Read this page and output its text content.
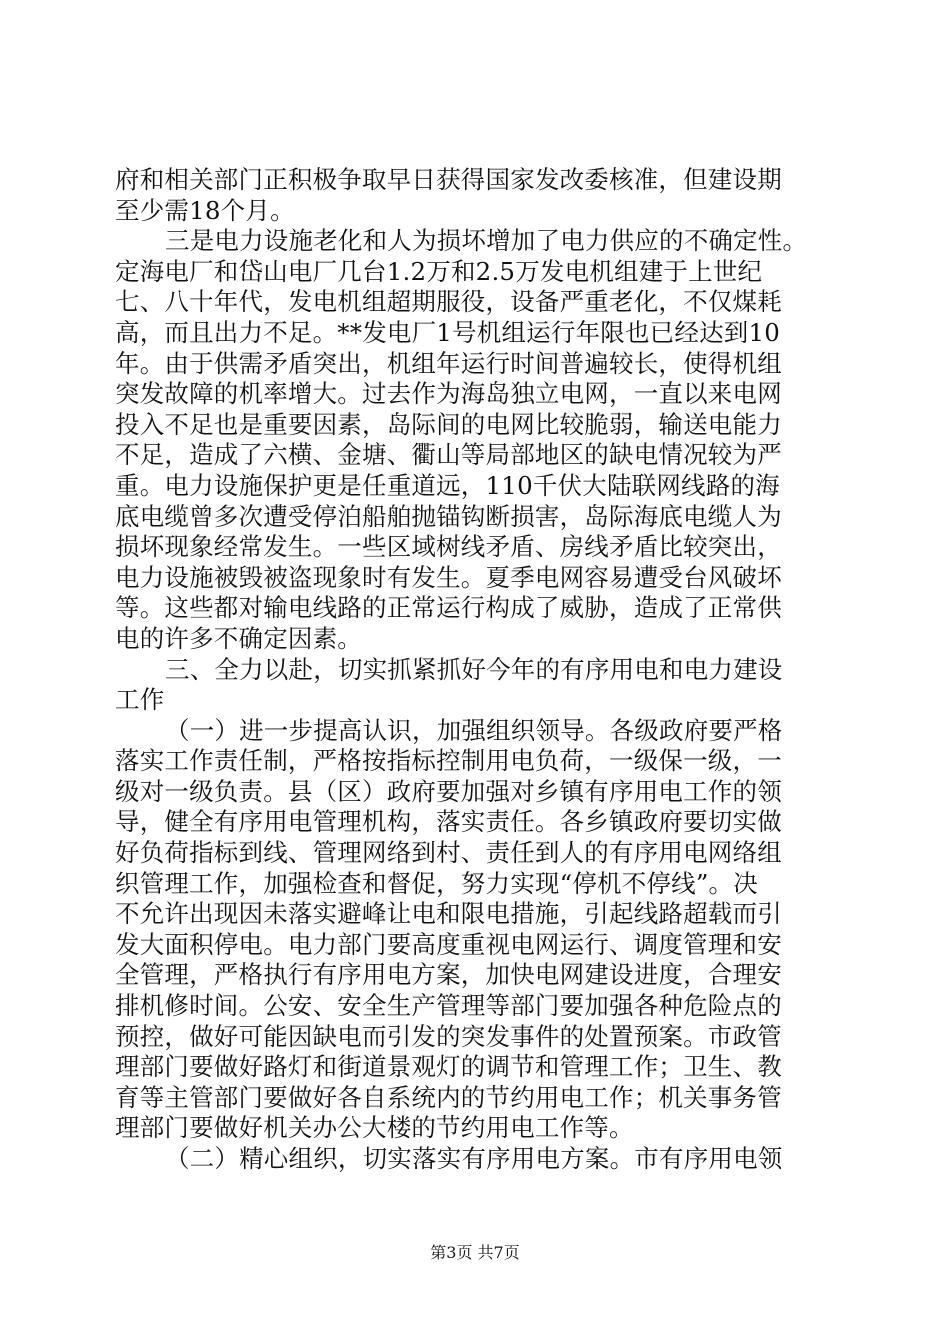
府和相关部门正积极争取早日获得国家发改委核准，但建设期
至少需18个月。
三是电力设施老化和人为损坏增加了电力供应的不确定性。
定海电厂和岱山电厂几台1.2万和2.5万发电机组建于上世纪
七、八十年代，发电机组超期服役，设备严重老化，不仅煤耗
高，而且出力不足。**发电厂1号机组运行年限也已经达到10
年。由于供需矛盾突出，机组年运行时间普遍较长，使得机组
突发故障的机率增大。过去作为海岛独立电网，一直以来电网
投入不足也是重要因素，岛际间的电网比较脆弱，输送电能力
不足，造成了六横、金塘、衢山等局部地区的缺电情况较为严
重。电力设施保护更是任重道远，110千伏大陆联网线路的海
底电缆曾多次遭受停泊船舶抛锚钩断损害，岛际海底电缆人为
损坏现象经常发生。一些区域树线矛盾、房线矛盾比较突出，
电力设施被毁被盗现象时有发生。夏季电网容易遭受台风破坏
等。这些都对输电线路的正常运行构成了威胁，造成了正常供
电的许多不确定因素。
三、全力以赴，切实抓紧抓好今年的有序用电和电力建设
工作
（一）进一步提高认识，加强组织领导。各级政府要严格
落实工作责任制，严格按指标控制用电负荷，一级保一级，一
级对一级负责。县（区）政府要加强对乡镇有序用电工作的领
导，健全有序用电管理机构，落实责任。各乡镇政府要切实做
好负荷指标到线、管理网络到村、责任到人的有序用电网络组
织管理工作，加强检查和督促，努力实现“停机不停线”。决
不允许出现因未落实避峰让电和限电措施，引起线路超载而引
发大面积停电。电力部门要高度重视电网运行、调度管理和安
全管理，严格执行有序用电方案，加快电网建设进度，合理安
排机修时间。公安、安全生产管理等部门要加强各种危险点的
预控，做好可能因缺电而引发的突发事件的处置预案。市政管
理部门要做好路灯和街道景观灯的调节和管理工作；卫生、教
育等主管部门要做好各自系统内的节约用电工作；机关事务管
理部门要做好机关办公大楼的节约用电工作等。
（二）精心组织，切实落实有序用电方案。市有序用电领
第3页 共7页
